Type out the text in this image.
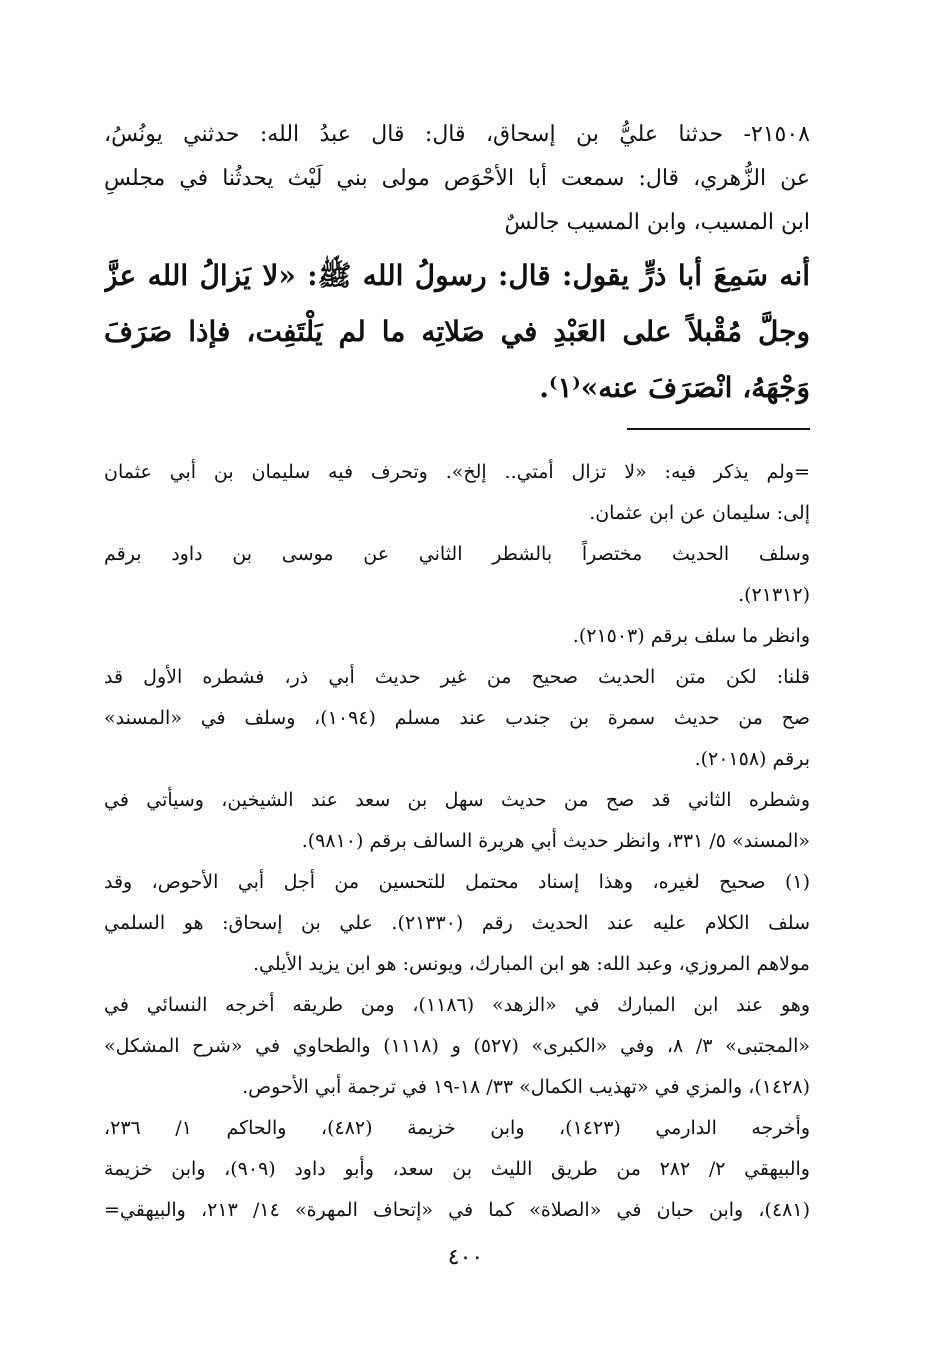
٢١٥٠٨- حدثنا عليُّ بن إسحاق، قال: قال عبدُ الله: حدثني يونُسُ،
عن الزُّهري، قال: سمعت أبا الأحْوَص مولى بني لَيْث يحدثُنا في مجلسِ
ابن المسيب، وابن المسيب جالسٌ
أنه سَمِعَ أبا ذرٍّ يقول: قال: رسولُ الله ﷺ: «لا يَزالُ الله عزَّ
وجلَّ مُقْبلاً على العَبْدِ في صَلاتِه ما لم يَلْتَفِت، فإذا صَرَفَ
وَجْهَهُ، انْصَرَفَ عنه»⁽١⁾.
=ولم يذكر فيه: «لا تزال أمتي.. إلخ». وتحرف فيه سليمان بن أبي عثمان
إلى: سليمان عن ابن عثمان.
وسلف الحديث مختصراً بالشطر الثاني عن موسى بن داود برقم
(٢١٣١٢).
وانظر ما سلف برقم (٢١٥٠٣).
قلنا: لكن متن الحديث صحيح من غير حديث أبي ذر، فشطره الأول قد
صح من حديث سمرة بن جندب عند مسلم (١٠٩٤)، وسلف في «المسند»
برقم (٢٠١٥٨).
وشطره الثاني قد صح من حديث سهل بن سعد عند الشيخين، وسيأتي في
«المسند» ٥/ ٣٣١، وانظر حديث أبي هريرة السالف برقم (٩٨١٠).
(١) صحيح لغيره، وهذا إسناد محتمل للتحسين من أجل أبي الأحوص، وقد
سلف الكلام عليه عند الحديث رقم (٢١٣٣٠). علي بن إسحاق: هو السلمي
مولاهم المروزي، وعبد الله: هو ابن المبارك، ويونس: هو ابن يزيد الأيلي.
وهو عند ابن المبارك في «الزهد» (١١٨٦)، ومن طريقه أخرجه النسائي في
«المجتبى» ٣/ ٨، وفي «الكبرى» (٥٢٧) و (١١١٨) والطحاوي في «شرح المشكل»
(١٤٢٨)، والمزي في «تهذيب الكمال» ٣٣/ ١٨-١٩ في ترجمة أبي الأحوص.
وأخرجه الدارمي (١٤٢٣)، وابن خزيمة (٤٨٢)، والحاكم ١/ ٢٣٦،
والبيهقي ٢/ ٢٨٢ من طريق الليث بن سعد، وأبو داود (٩٠٩)، وابن خزيمة
(٤٨١)، وابن حبان في «الصلاة» كما في «إتحاف المهرة» ١٤/ ٢١٣، والبيهقي=
٤٠٠
